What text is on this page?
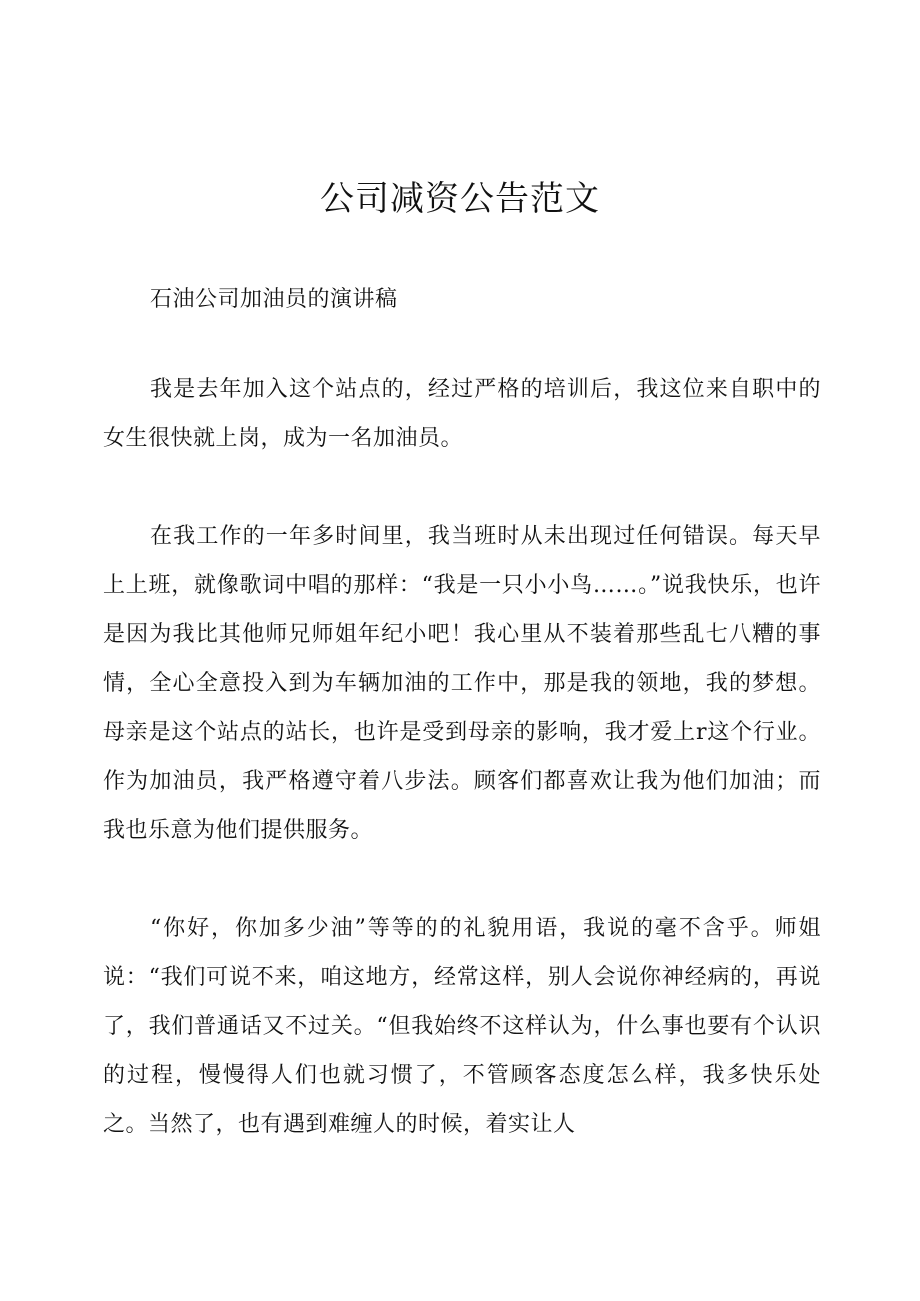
公司减资公告范文

石油公司加油员的演讲稿

我是去年加入这个站点的，经过严格的培训后，我这位来自职中的女生很快就上岗，成为一名加油员。

在我工作的一年多时间里，我当班时从未出现过任何错误。每天早上上班，就像歌词中唱的那样：“我是一只小小鸟……。”说我快乐，也许是因为我比其他师兄师姐年纪小吧！我心里从不装着那些乱七八糟的事情，全心全意投入到为车辆加油的工作中，那是我的领地，我的梦想。母亲是这个站点的站长，也许是受到母亲的影响，我才爱上r这个行业。作为加油员，我严格遵守着八步法。顾客们都喜欢让我为他们加油；而我也乐意为他们提供服务。

“你好，你加多少油”等等的的礼貌用语，我说的毫不含乎。师姐说：“我们可说不来，咱这地方，经常这样，别人会说你神经病的，再说了，我们普通话又不过关。“但我始终不这样认为，什么事也要有个认识的过程，慢慢得人们也就习惯了，不管顾客态度怎么样，我多快乐处之。当然了，也有遇到难缠人的时候，着实让人
